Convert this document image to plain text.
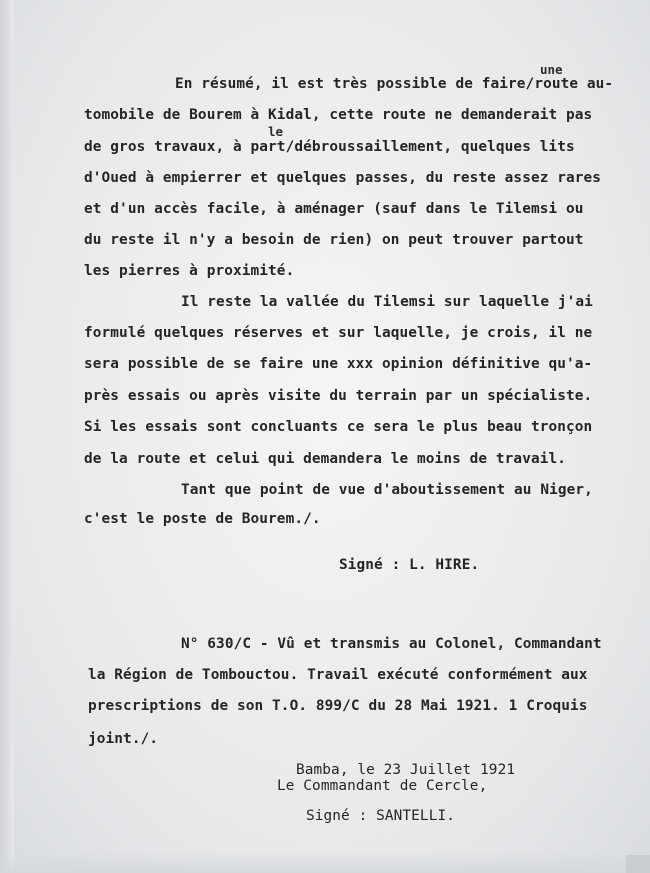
une
En résumé, il est très possible de faire/route au-
tomobile de Bourem à Kidal, cette route ne demanderait pas
le
de gros travaux, à part/débroussaillement, quelques lits
d'Oued à empierrer et quelques passes, du reste assez rares
et d'un accès facile, à aménager (sauf dans le Tilemsi ou
du reste il n'y a besoin de rien) on peut trouver partout
les pierres à proximité.
Il reste la vallée du Tilemsi sur laquelle j'ai
formulé quelques réserves et sur laquelle, je crois, il ne
sera possible de se faire une xxx opinion définitive qu'a-
près essais ou après visite du terrain par un spécialiste.
Si les essais sont concluants ce sera le plus beau tronçon
de la route et celui qui demandera le moins de travail.
Tant que point de vue d'aboutissement au Niger,
c'est le poste de Bourem./.
Signé : L. HIRE.
N° 630/C - Vû et transmis au Colonel, Commandant
la Région de Tombouctou. Travail exécuté conformément aux
prescriptions de son T.O. 899/C du 28 Mai 1921. 1 Croquis
joint./.
Bamba, le 23 Juillet 1921
Le Commandant de Cercle,
Signé : SANTELLI.
